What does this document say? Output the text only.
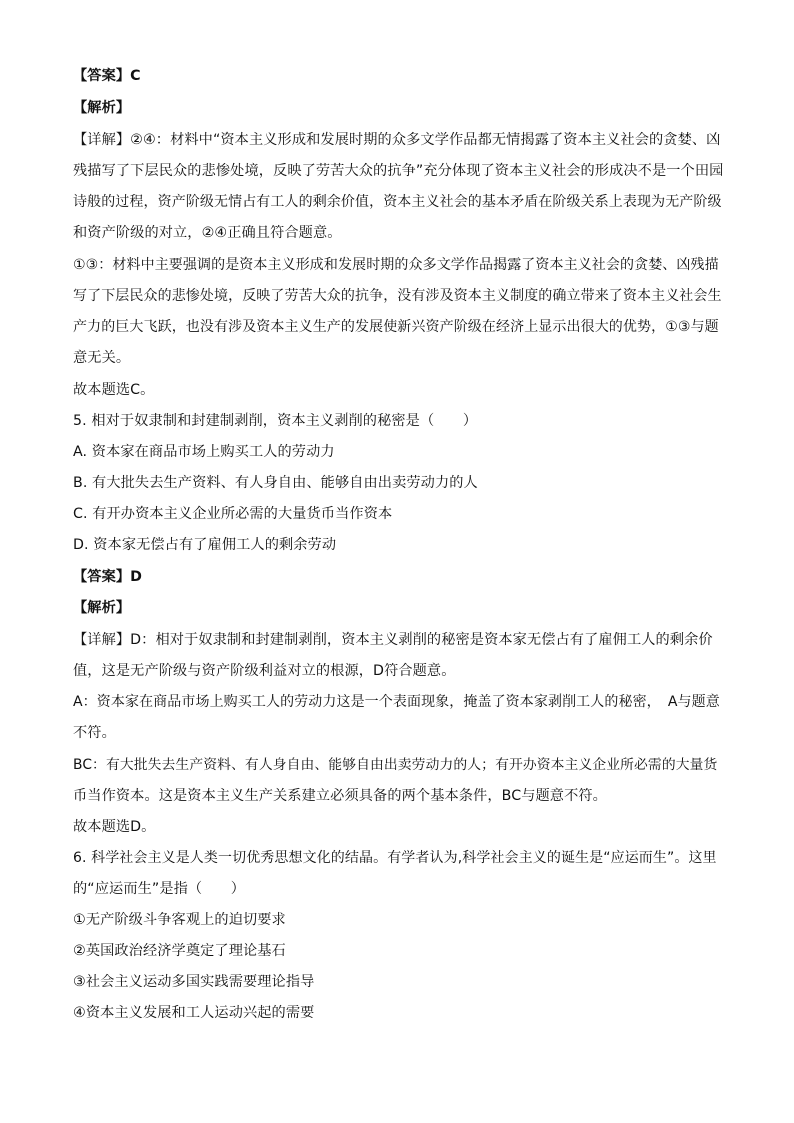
【答案】C
【解析】
【详解】②④：材料中“资本主义形成和发展时期的众多文学作品都无情揭露了资本主义社会的贪婪、凶
残描写了下层民众的悲惨处境，反映了劳苦大众的抗争”充分体现了资本主义社会的形成决不是一个田园
诗般的过程，资产阶级无情占有工人的剩余价值，资本主义社会的基本矛盾在阶级关系上表现为无产阶级
和资产阶级的对立，②④正确且符合题意。
①③：材料中主要强调的是资本主义形成和发展时期的众多文学作品揭露了资本主义社会的贪婪、凶残描
写了下层民众的悲惨处境，反映了劳苦大众的抗争，没有涉及资本主义制度的确立带来了资本主义社会生
产力的巨大飞跃，也没有涉及资本主义生产的发展使新兴资产阶级在经济上显示出很大的优势，①③与题
意无关。
故本题选C。
5. 相对于奴隶制和封建制剥削，资本主义剥削的秘密是（　　）
A. 资本家在商品市场上购买工人的劳动力
B. 有大批失去生产资料、有人身自由、能够自由出卖劳动力的人
C. 有开办资本主义企业所必需的大量货币当作资本
D. 资本家无偿占有了雇佣工人的剩余劳动
【答案】D
【解析】
【详解】D：相对于奴隶制和封建制剥削，资本主义剥削的秘密是资本家无偿占有了雇佣工人的剩余价
值，这是无产阶级与资产阶级利益对立的根源，D符合题意。
A：资本家在商品市场上购买工人的劳动力这是一个表面现象，掩盖了资本家剥削工人的秘密，　A与题意
不符。
BC：有大批失去生产资料、有人身自由、能够自由出卖劳动力的人；有开办资本主义企业所必需的大量货
币当作资本。这是资本主义生产关系建立必须具备的两个基本条件，BC与题意不符。
故本题选D。
6. 科学社会主义是人类一切优秀思想文化的结晶。有学者认为,科学社会主义的诞生是“应运而生”。这里
的“应运而生”是指（　　）
①无产阶级斗争客观上的迫切要求
②英国政治经济学奠定了理论基石
③社会主义运动多国实践需要理论指导
④资本主义发展和工人运动兴起的需要
